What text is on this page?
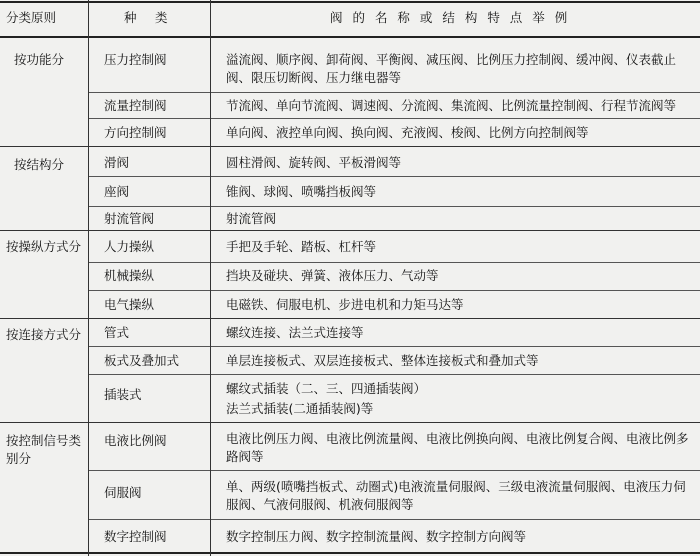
分类原则	种　类	阀 的 名 称 或 结 构 特 点 举 例
按功能分	压力控制阀	溢流阀、顺序阀、卸荷阀、平衡阀、减压阀、比例压力控制阀、缓冲阀、仪表截止阀、限压切断阀、压力继电器等
流量控制阀	节流阀、单向节流阀、调速阀、分流阀、集流阀、比例流量控制阀、行程节流阀等
方向控制阀	单向阀、液控单向阀、换向阀、充液阀、梭阀、比例方向控制阀等
按结构分	滑阀	圆柱滑阀、旋转阀、平板滑阀等
座阀	锥阀、球阀、喷嘴挡板阀等
射流管阀	射流管阀
按操纵方式分	人力操纵	手把及手轮、踏板、杠杆等
机械操纵	挡块及碰块、弹簧、液体压力、气动等
电气操纵	电磁铁、伺服电机、步进电机和力矩马达等
按连接方式分	管式	螺纹连接、法兰式连接等
板式及叠加式	单层连接板式、双层连接板式、整体连接板式和叠加式等
插装式	螺纹式插装（二、三、四通插装阀）
法兰式插装(二通插装阀)等
按控制信号类别分
电液比例阀	电液比例压力阀、电液比例流量阀、电液比例换向阀、电液比例复合阀、电液比例多路阀等
伺服阀	单、两级(喷嘴挡板式、动圈式)电液流量伺服阀、三级电液流量伺服阀、电液压力伺服阀、气液伺服阀、机液伺服阀等
数字控制阀	数字控制压力阀、数字控制流量阀、数字控制方向阀等
